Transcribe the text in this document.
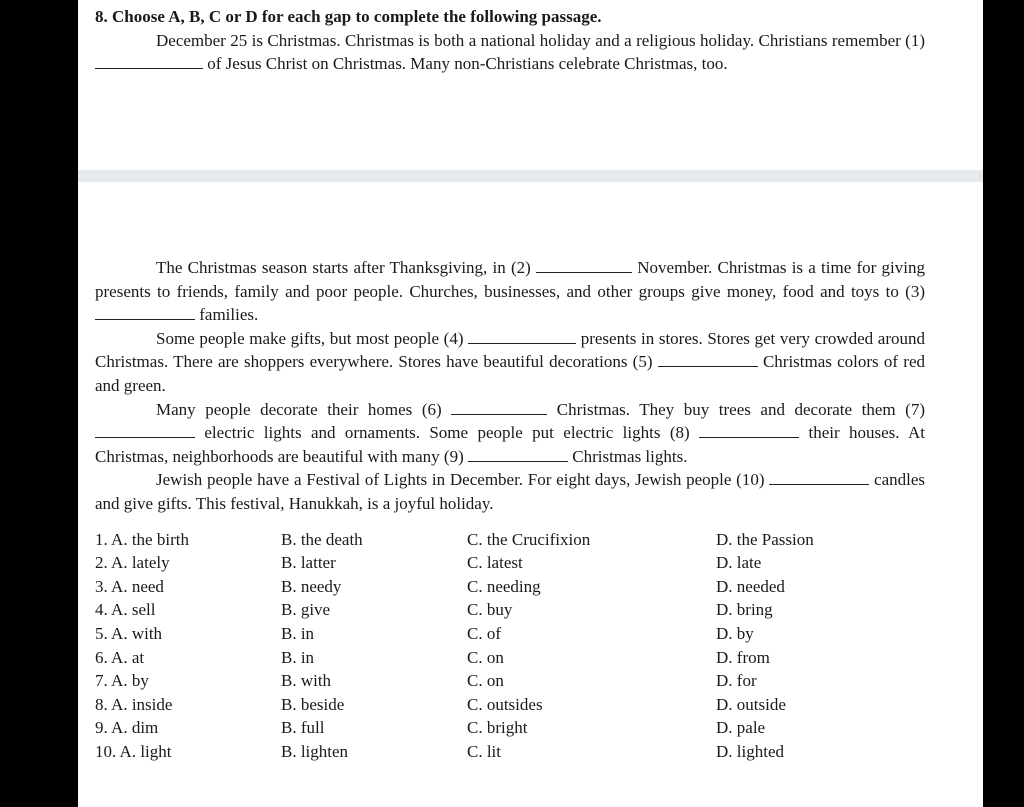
8. Choose A, B, C or D for each gap to complete the following passage.

December 25 is Christmas. Christmas is both a national holiday and a religious holiday. Christians remember (1)  of Jesus Christ on Christmas. Many non-Christians celebrate Christmas, too.

The Christmas season starts after Thanksgiving, in (2)	November. Christmas is a time for giving presents to friends, family and poor people. Churches, businesses, and other groups give money, food and toys to (3)  families.

Some people make gifts, but most people (4)	presents in stores. Stores get very crowded around Christmas. There are shoppers everywhere. Stores have beautiful decorations (5)	Christmas colors of red and green.

Many people decorate their homes (6)	Christmas. They buy trees and decorate them (7)  electric lights and ornaments. Some people put electric lights (8)	their houses. At Christmas, neighborhoods are beautiful with many (9)	Christmas lights.

Jewish people have a Festival of Lights in December. For eight days, Jewish people (10)	candles and give gifts. This festival, Hanukkah, is a joyful holiday.

1. A. the birth	B. the death	C. the Crucifixion	D. the Passion
2. A. lately	B. latter	C. latest	D. late
3. A. need	B. needy	C. needing	D. needed
4. A. sell	B. give	C. buy	D. bring
5. A. with	B. in	C. of	D. by
6. A. at	B. in	C. on	D. from
7. A. by	B. with	C. on	D. for
8. A. inside	B. beside	C. outsides	D. outside
9. A. dim	B. full	C. bright	D. pale
10. A. light	B. lighten	C. lit	D. lighted
